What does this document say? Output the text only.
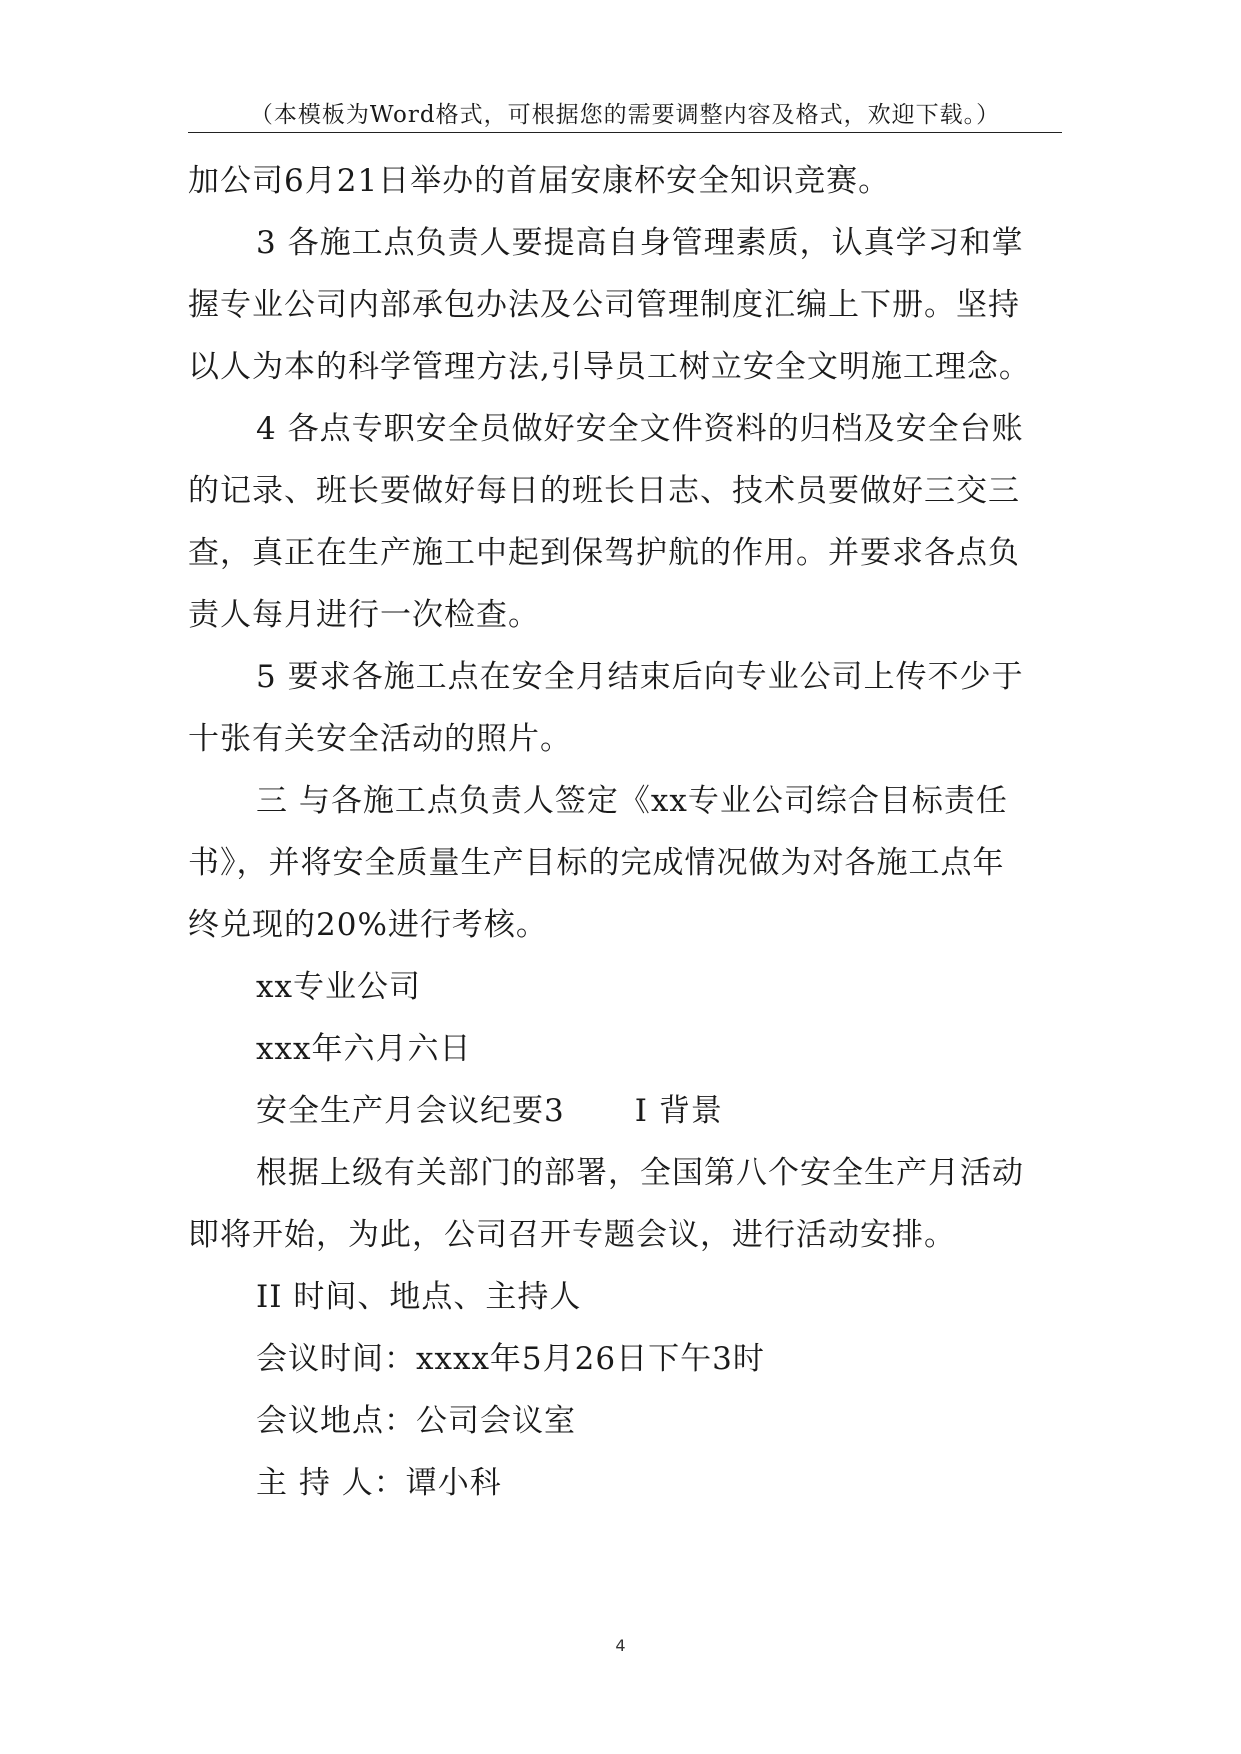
（本模板为Word格式，可根据您的需要调整内容及格式，欢迎下载。）
加公司6月21日举办的首届安康杯安全知识竞赛。
3 各施工点负责人要提高自身管理素质，认真学习和掌
握专业公司内部承包办法及公司管理制度汇编上下册。坚持
以人为本的科学管理方法,引导员工树立安全文明施工理念。
4 各点专职安全员做好安全文件资料的归档及安全台账
的记录、班长要做好每日的班长日志、技术员要做好三交三
查，真正在生产施工中起到保驾护航的作用。并要求各点负
责人每月进行一次检查。
5 要求各施工点在安全月结束后向专业公司上传不少于
十张有关安全活动的照片。
三 与各施工点负责人签定《xx专业公司综合目标责任
书》，并将安全质量生产目标的完成情况做为对各施工点年
终兑现的20%进行考核。
xx专业公司
xxx年六月六日
安全生产月会议纪要3 I 背景
根据上级有关部门的部署，全国第八个安全生产月活动
即将开始，为此，公司召开专题会议，进行活动安排。
II 时间、地点、主持人
会议时间：xxxx年5月26日下午3时
会议地点：公司会议室
主 持 人：谭小科
4
